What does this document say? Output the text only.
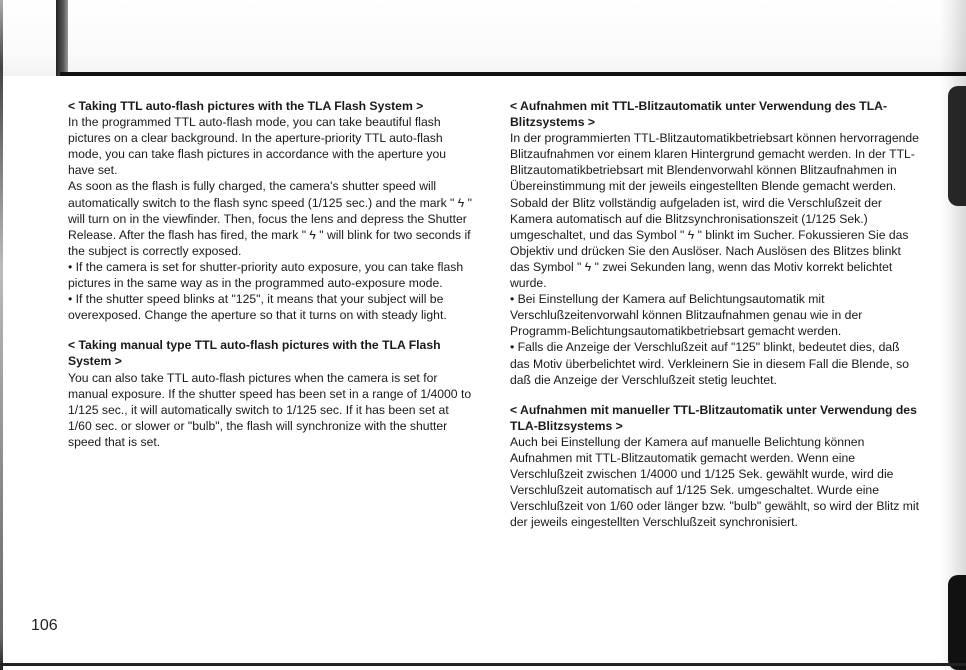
< Taking TTL auto-flash pictures with the TLA Flash System >

In the programmed TTL auto-flash mode, you can take beautiful flash pictures on a clear background. In the aperture-priority TTL auto-flash mode, you can take flash pictures in accordance with the aperture you have set.

As soon as the flash is fully charged, the camera's shutter speed will automatically switch to the flash sync speed (1/125 sec.) and the mark " ϟ " will turn on in the viewfinder. Then, focus the lens and depress the Shutter Release. After the flash has fired, the mark " ϟ " will blink for two seconds if the subject is correctly exposed.

• If the camera is set for shutter-priority auto exposure, you can take flash pictures in the same way as in the programmed auto-exposure mode.

• If the shutter speed blinks at "125", it means that your subject will be overexposed. Change the aperture so that it turns on with steady light.

< Taking manual type TTL auto-flash pictures with the TLA Flash System >

You can also take TTL auto-flash pictures when the camera is set for manual exposure. If the shutter speed has been set in a range of 1/4000 to 1/125 sec., it will automatically switch to 1/125 sec. If it has been set at 1/60 sec. or slower or "bulb", the flash will synchronize with the shutter speed that is set.

< Aufnahmen mit TTL-Blitzautomatik unter Verwendung des TLA-Blitzsystems >

In der programmierten TTL-Blitzautomatikbetriebsart können hervorragende Blitzaufnahmen vor einem klaren Hintergrund gemacht werden. In der TTL-Blitzautomatikbetriebsart mit Blendenvorwahl können Blitzaufnahmen in Übereinstimmung mit der jeweils eingestellten Blende gemacht werden.

Sobald der Blitz vollständig aufgeladen ist, wird die Verschlußzeit der Kamera automatisch auf die Blitzsynchronisationszeit (1/125 Sek.) umgeschaltet, und das Symbol " ϟ " blinkt im Sucher. Fokussieren Sie das Objektiv und drücken Sie den Auslöser. Nach Auslösen des Blitzes blinkt das Symbol " ϟ " zwei Sekunden lang, wenn das Motiv korrekt belichtet wurde.

• Bei Einstellung der Kamera auf Belichtungsautomatik mit Verschlußzeitenvorwahl können Blitzaufnahmen genau wie in der Programm-Belichtungsautomatikbetriebsart gemacht werden.

• Falls die Anzeige der Verschlußzeit auf "125" blinkt, bedeutet dies, daß das Motiv überbelichtet wird. Verkleinern Sie in diesem Fall die Blende, so daß die Anzeige der Verschlußzeit stetig leuchtet.

< Aufnahmen mit manueller TTL-Blitzautomatik unter Verwendung des TLA-Blitzsystems >

Auch bei Einstellung der Kamera auf manuelle Belichtung können Aufnahmen mit TTL-Blitzautomatik gemacht werden. Wenn eine Verschlußzeit zwischen 1/4000 und 1/125 Sek. gewählt wurde, wird die Verschlußzeit automatisch auf 1/125 Sek. umgeschaltet. Wurde eine Verschlußzeit von 1/60 oder länger bzw. "bulb" gewählt, so wird der Blitz mit der jeweils eingestellten Verschlußzeit synchronisiert.

106
